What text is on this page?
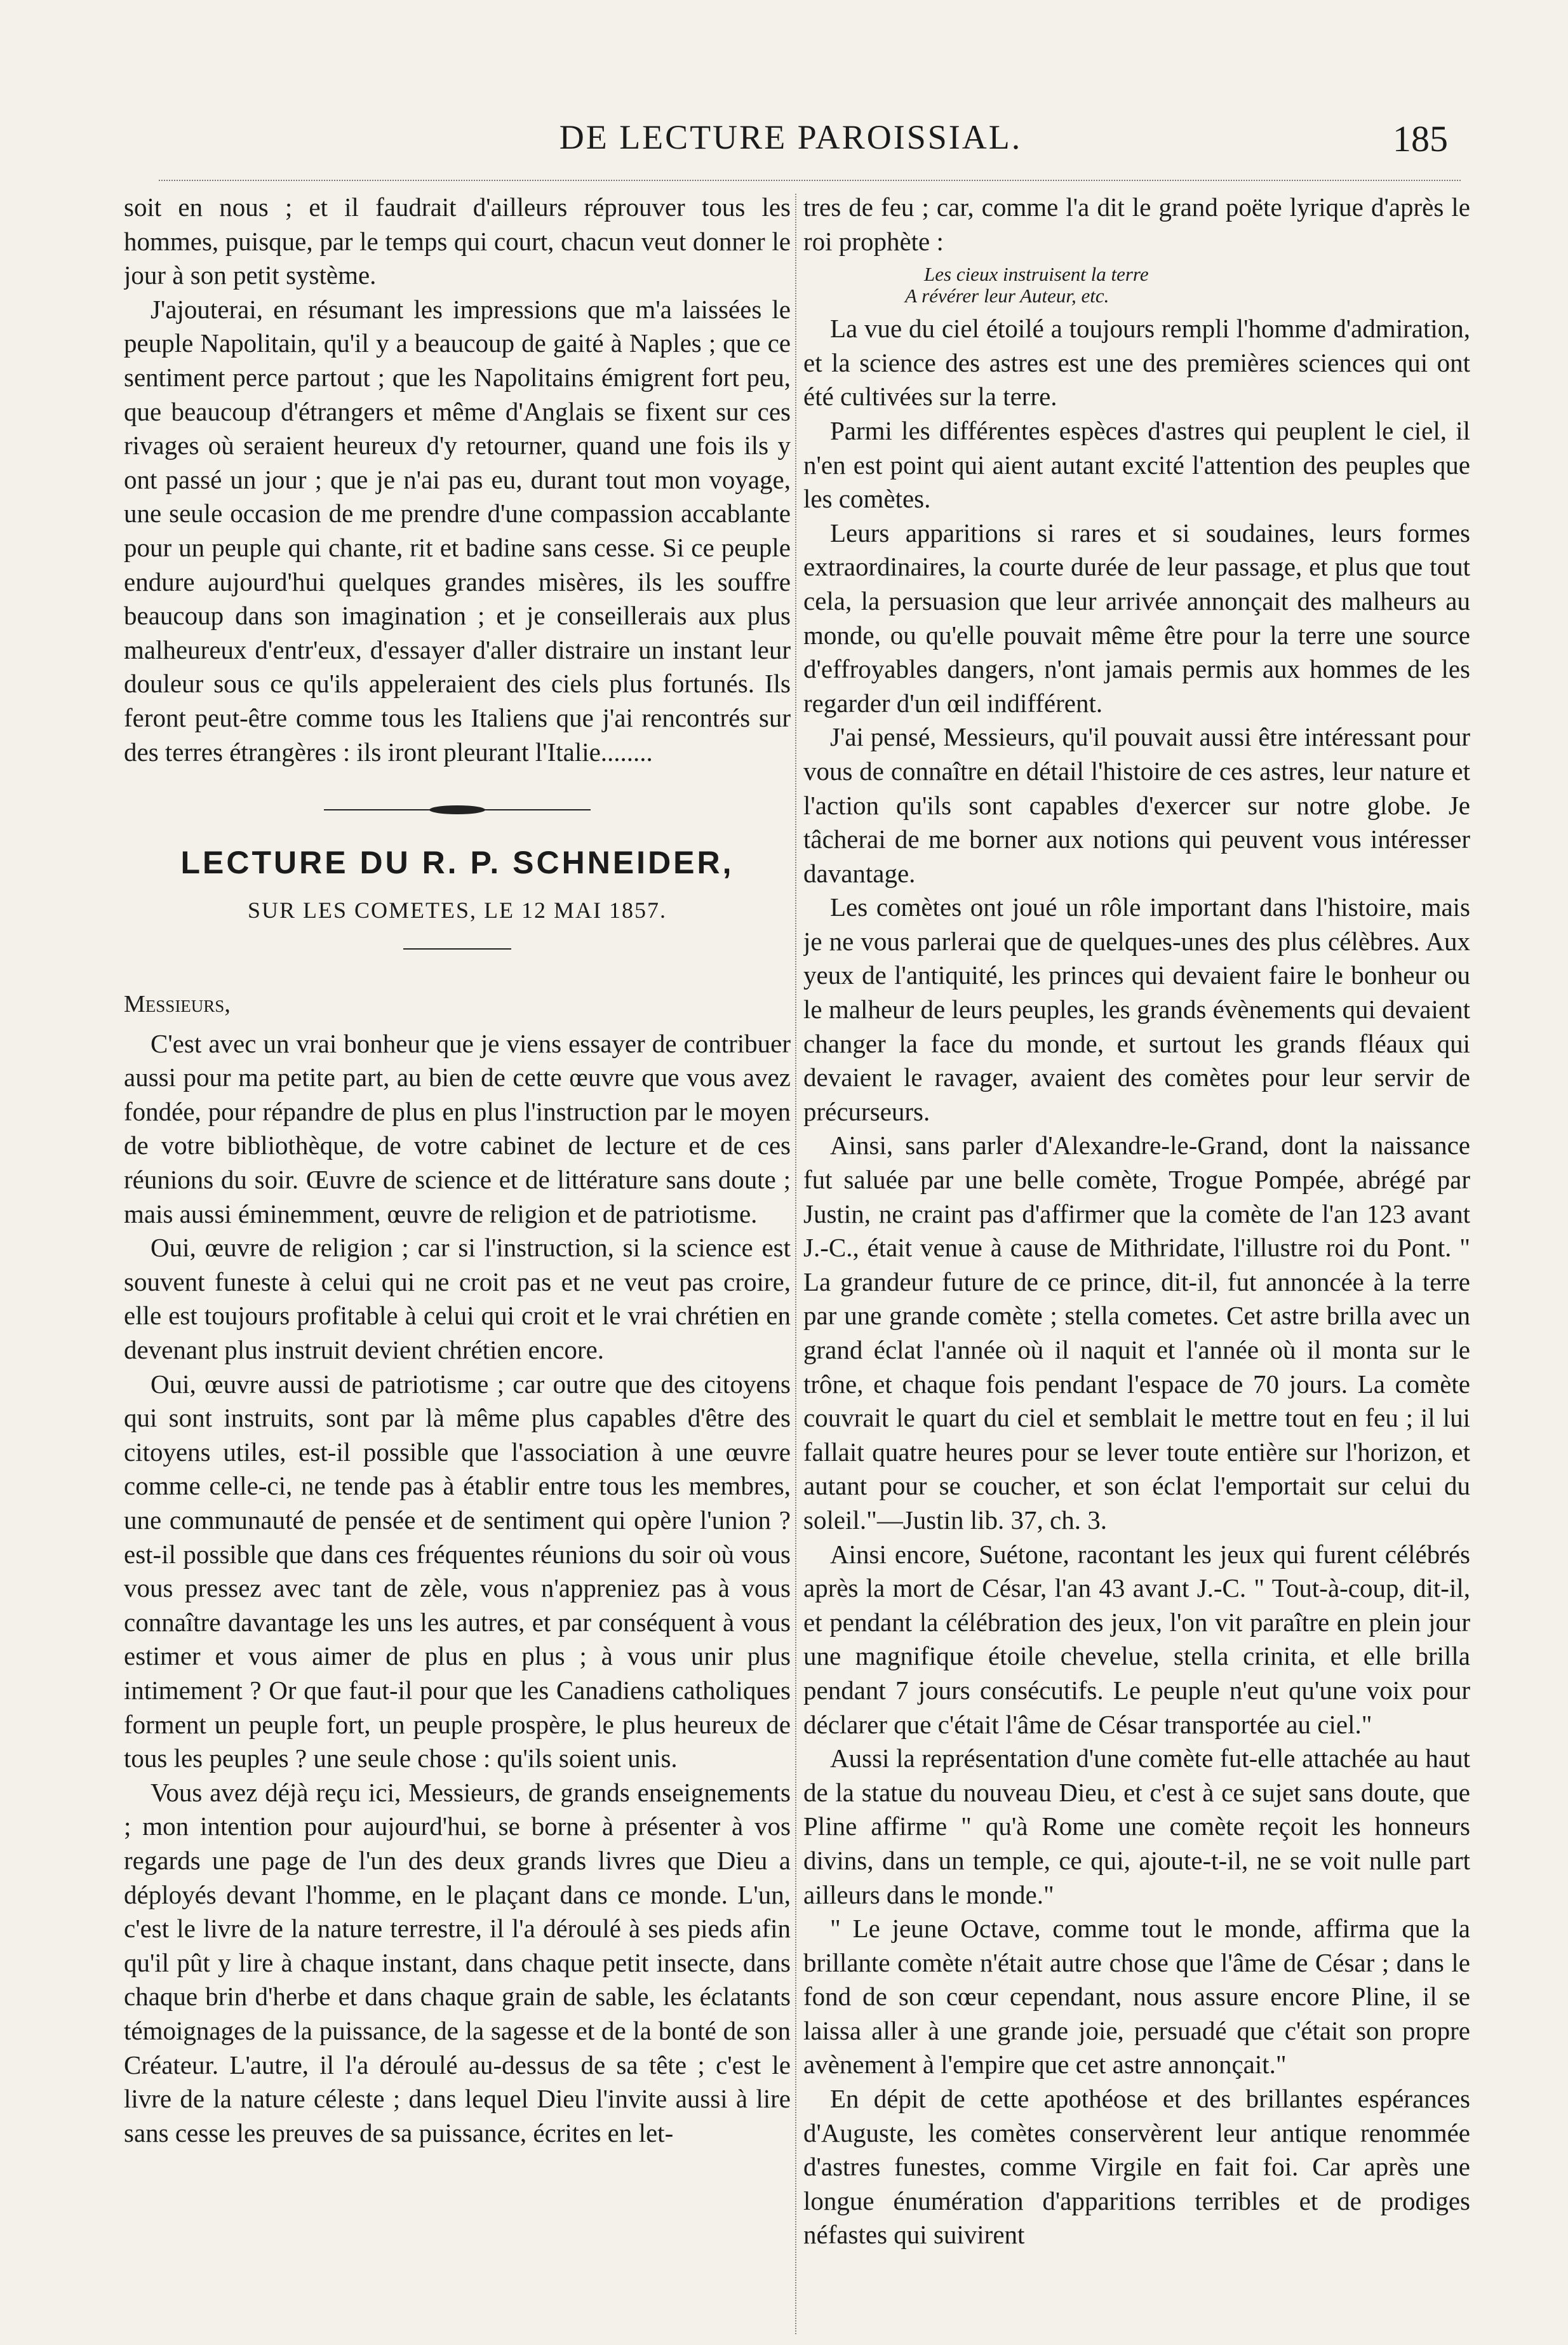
DE LECTURE PAROISSIAL.	185

soit en nous ; et il faudrait d'ailleurs réprouver tous les hommes, puisque, par le temps qui court, chacun veut donner le jour à son petit système.

J'ajouterai, en résumant les impressions que m'a laissées le peuple Napolitain, qu'il y a beaucoup de gaité à Naples ; que ce sentiment perce partout ; que les Napolitains émigrent fort peu, que beaucoup d'étrangers et même d'Anglais se fixent sur ces rivages où seraient heureux d'y retourner, quand une fois ils y ont passé un jour ; que je n'ai pas eu, durant tout mon voyage, une seule occasion de me prendre d'une compassion accablante pour un peuple qui chante, rit et badine sans cesse. Si ce peuple endure aujourd'hui quelques grandes misères, ils les souffre beaucoup dans son imagination ; et je conseillerais aux plus malheureux d'entr'eux, d'essayer d'aller distraire un instant leur douleur sous ce qu'ils appeleraient des ciels plus fortunés. Ils feront peut-être comme tous les Italiens que j'ai rencontrés sur des terres étrangères : ils iront pleurant l'Italie........

LECTURE DU R. P. SCHNEIDER,
SUR LES COMETES, LE 12 MAI 1857.
Messieurs,

C'est avec un vrai bonheur que je viens essayer de contribuer aussi pour ma petite part, au bien de cette œuvre que vous avez fondée, pour répandre de plus en plus l'instruction par le moyen de votre bibliothèque, de votre cabinet de lecture et de ces réunions du soir. Œuvre de science et de littérature sans doute ; mais aussi éminemment, œuvre de religion et de patriotisme.

Oui, œuvre de religion ; car si l'instruction, si la science est souvent funeste à celui qui ne croit pas et ne veut pas croire, elle est toujours profitable à celui qui croit et le vrai chrétien en devenant plus instruit devient chrétien encore.

Oui, œuvre aussi de patriotisme ; car outre que des citoyens qui sont instruits, sont par là même plus capables d'être des citoyens utiles, est-il possible que l'association à une œuvre comme celle-ci, ne tende pas à établir entre tous les membres, une communauté de pensée et de sentiment qui opère l'union ? est-il possible que dans ces fréquentes réunions du soir où vous vous pressez avec tant de zèle, vous n'appreniez pas à vous connaître davantage les uns les autres, et par conséquent à vous estimer et vous aimer de plus en plus ; à vous unir plus intimement ? Or que faut-il pour que les Canadiens catholiques forment un peuple fort, un peuple prospère, le plus heureux de tous les peuples ? une seule chose : qu'ils soient unis.

Vous avez déjà reçu ici, Messieurs, de grands enseignements ; mon intention pour aujourd'hui, se borne à présenter à vos regards une page de l'un des deux grands livres que Dieu a déployés devant l'homme, en le plaçant dans ce monde. L'un, c'est le livre de la nature terrestre, il l'a déroulé à ses pieds afin qu'il pût y lire à chaque instant, dans chaque petit insecte, dans chaque brin d'herbe et dans chaque grain de sable, les éclatants témoignages de la puissance, de la sagesse et de la bonté de son Créateur. L'autre, il l'a déroulé au-dessus de sa tête ; c'est le livre de la nature céleste ; dans lequel Dieu l'invite aussi à lire sans cesse les preuves de sa puissance, écrites en let-

tres de feu ; car, comme l'a dit le grand poëte lyrique d'après le roi prophète :

Les cieux instruisent la terre
A révérer leur Auteur, etc.

La vue du ciel étoilé a toujours rempli l'homme d'admiration, et la science des astres est une des premières sciences qui ont été cultivées sur la terre.

Parmi les différentes espèces d'astres qui peuplent le ciel, il n'en est point qui aient autant excité l'attention des peuples que les comètes.

Leurs apparitions si rares et si soudaines, leurs formes extraordinaires, la courte durée de leur passage, et plus que tout cela, la persuasion que leur arrivée annonçait des malheurs au monde, ou qu'elle pouvait même être pour la terre une source d'effroyables dangers, n'ont jamais permis aux hommes de les regarder d'un œil indifférent.

J'ai pensé, Messieurs, qu'il pouvait aussi être intéressant pour vous de connaître en détail l'histoire de ces astres, leur nature et l'action qu'ils sont capables d'exercer sur notre globe. Je tâcherai de me borner aux notions qui peuvent vous intéresser davantage.

Les comètes ont joué un rôle important dans l'histoire, mais je ne vous parlerai que de quelques-unes des plus célèbres. Aux yeux de l'antiquité, les princes qui devaient faire le bonheur ou le malheur de leurs peuples, les grands évènements qui devaient changer la face du monde, et surtout les grands fléaux qui devaient le ravager, avaient des comètes pour leur servir de précurseurs.

Ainsi, sans parler d'Alexandre-le-Grand, dont la naissance fut saluée par une belle comète, Trogue Pompée, abrégé par Justin, ne craint pas d'affirmer que la comète de l'an 123 avant J.-C., était venue à cause de Mithridate, l'illustre roi du Pont. " La grandeur future de ce prince, dit-il, fut annoncée à la terre par une grande comète ; stella cometes. Cet astre brilla avec un grand éclat l'année où il naquit et l'année où il monta sur le trône, et chaque fois pendant l'espace de 70 jours. La comète couvrait le quart du ciel et semblait le mettre tout en feu ; il lui fallait quatre heures pour se lever toute entière sur l'horizon, et autant pour se coucher, et son éclat l'emportait sur celui du soleil."—Justin lib. 37, ch. 3.

Ainsi encore, Suétone, racontant les jeux qui furent célébrés après la mort de César, l'an 43 avant J.-C. " Tout-à-coup, dit-il, et pendant la célébration des jeux, l'on vit paraître en plein jour une magnifique étoile chevelue, stella crinita, et elle brilla pendant 7 jours consécutifs. Le peuple n'eut qu'une voix pour déclarer que c'était l'âme de César transportée au ciel."

Aussi la représentation d'une comète fut-elle attachée au haut de la statue du nouveau Dieu, et c'est à ce sujet sans doute, que Pline affirme " qu'à Rome une comète reçoit les honneurs divins, dans un temple, ce qui, ajoute-t-il, ne se voit nulle part ailleurs dans le monde."

" Le jeune Octave, comme tout le monde, affirma que la brillante comète n'était autre chose que l'âme de César ; dans le fond de son cœur cependant, nous assure encore Pline, il se laissa aller à une grande joie, persuadé que c'était son propre avènement à l'empire que cet astre annonçait."

En dépit de cette apothéose et des brillantes espérances d'Auguste, les comètes conservèrent leur antique renommée d'astres funestes, comme Virgile en fait foi. Car après une longue énumération d'apparitions terribles et de prodiges néfastes qui suivirent
